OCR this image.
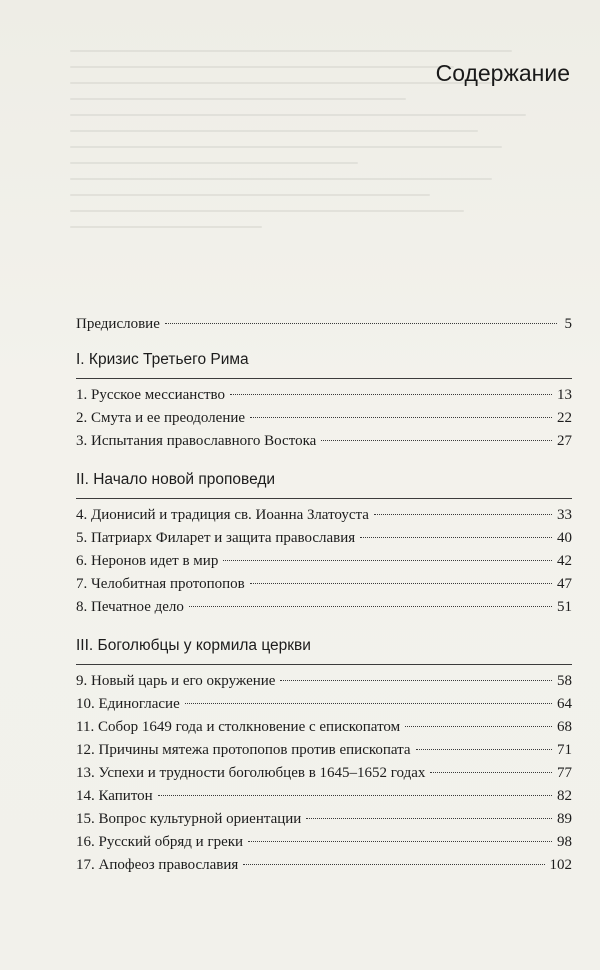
Содержание
Предисловие	5
I. Кризис Третьего Рима
1. Русское мессианство	13
2. Смута и ее преодоление	22
3. Испытания православного Востока	27
II. Начало новой проповеди
4. Дионисий и традиция св. Иоанна Златоуста	33
5. Патриарх Филарет и защита православия	40
6. Неронов идет в мир	42
7. Челобитная протопопов	47
8. Печатное дело	51
III. Боголюбцы у кормила церкви
9. Новый царь и его окружение	58
10. Единогласие	64
11. Собор 1649 года и столкновение с епископатом	68
12. Причины мятежа протопопов против епископата	71
13. Успехи и трудности боголюбцев в 1645–1652 годах	77
14. Капитон	82
15. Вопрос культурной ориентации	89
16. Русский обряд и греки	98
17. Апофеоз православия	102
